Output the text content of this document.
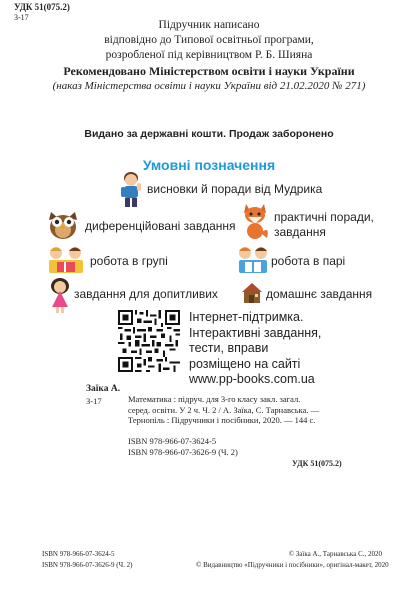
УДК 51(075.2)
З-17
Підручник написано
відповідно до Типової освітньої програми,
розробленої під керівництвом Р. Б. Шияна
Рекомендовано Міністерством освіти і науки України
(наказ Міністерства освіти і науки України від 21.02.2020 № 271)
Видано за державні кошти. Продаж заборонено
Умовні позначення
висновки й поради від Мудрика
диференційовані завдання
практичні поради, завдання
робота в групі	робота в парі
завдання для допитливих	домашнє завдання
Інтернет-підтримка.
Інтерактивні завдання,
тести, вправи
розміщено на сайті
www.pp-books.com.ua
Заїка А.
З-17	Математика : підруч. для 3-го класу закл. загал.
серед. освіти. У 2 ч. Ч. 2 / А. Заїка, С. Тарнавська. —
Тернопіль : Підручники і посібники, 2020. — 144 с.
ISBN 978-966-07-3624-5
ISBN 978-966-07-3626-9 (Ч. 2)
УДК 51(075.2)
ISBN 978-966-07-3624-5
ISBN 978-966-07-3626-9 (Ч. 2)
© Заїка А., Тарнавська С., 2020
© Видавництво «Підручники і посібники», оригінал-макет, 2020
